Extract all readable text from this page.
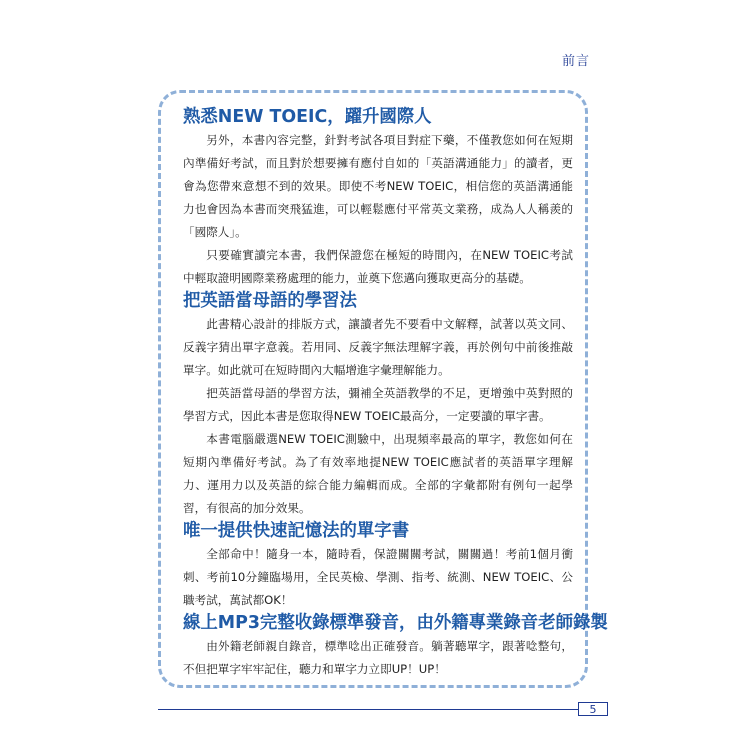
前言
熟悉NEW TOEIC，躍升國際人

另外，本書內容完整，針對考試各項目對症下藥，不僅教您如何在短期內準備好考試，而且對於想要擁有應付自如的「英語溝通能力」的讀者，更會為您帶來意想不到的效果。即使不考NEW TOEIC，相信您的英語溝通能力也會因為本書而突飛猛進，可以輕鬆應付平常英文業務，成為人人稱羨的「國際人」。

只要確實讀完本書，我們保證您在極短的時間內，在NEW TOEIC考試中輕取證明國際業務處理的能力，並奠下您邁向獲取更高分的基礎。

把英語當母語的學習法

此書精心設計的排版方式，讓讀者先不要看中文解釋，試著以英文同、反義字猜出單字意義。若用同、反義字無法理解字義，再於例句中前後推敲單字。如此就可在短時間內大幅增進字彙理解能力。

把英語當母語的學習方法，彌補全英語教學的不足，更增強中英對照的學習方式，因此本書是您取得NEW TOEIC最高分，一定要讀的單字書。

本書電腦嚴選NEW TOEIC測驗中，出現頻率最高的單字，教您如何在短期內準備好考試。為了有效率地提NEW TOEIC應試者的英語單字理解力、運用力以及英語的綜合能力編輯而成。全部的字彙都附有例句一起學習，有很高的加分效果。

唯一提供快速記憶法的單字書

全部命中！隨身一本，隨時看，保證關關考試，關關過！考前1個月衝刺、考前10分鐘臨場用，全民英檢、學測、指考、統測、NEW TOEIC、公職考試，萬試都OK！

線上MP3完整收錄標準發音，由外籍專業錄音老師錄製

由外籍老師親自錄音，標準唸出正確發音。躺著聽單字，跟著唸整句，不但把單字牢牢記住，聽力和單字力立即UP！UP！

5
